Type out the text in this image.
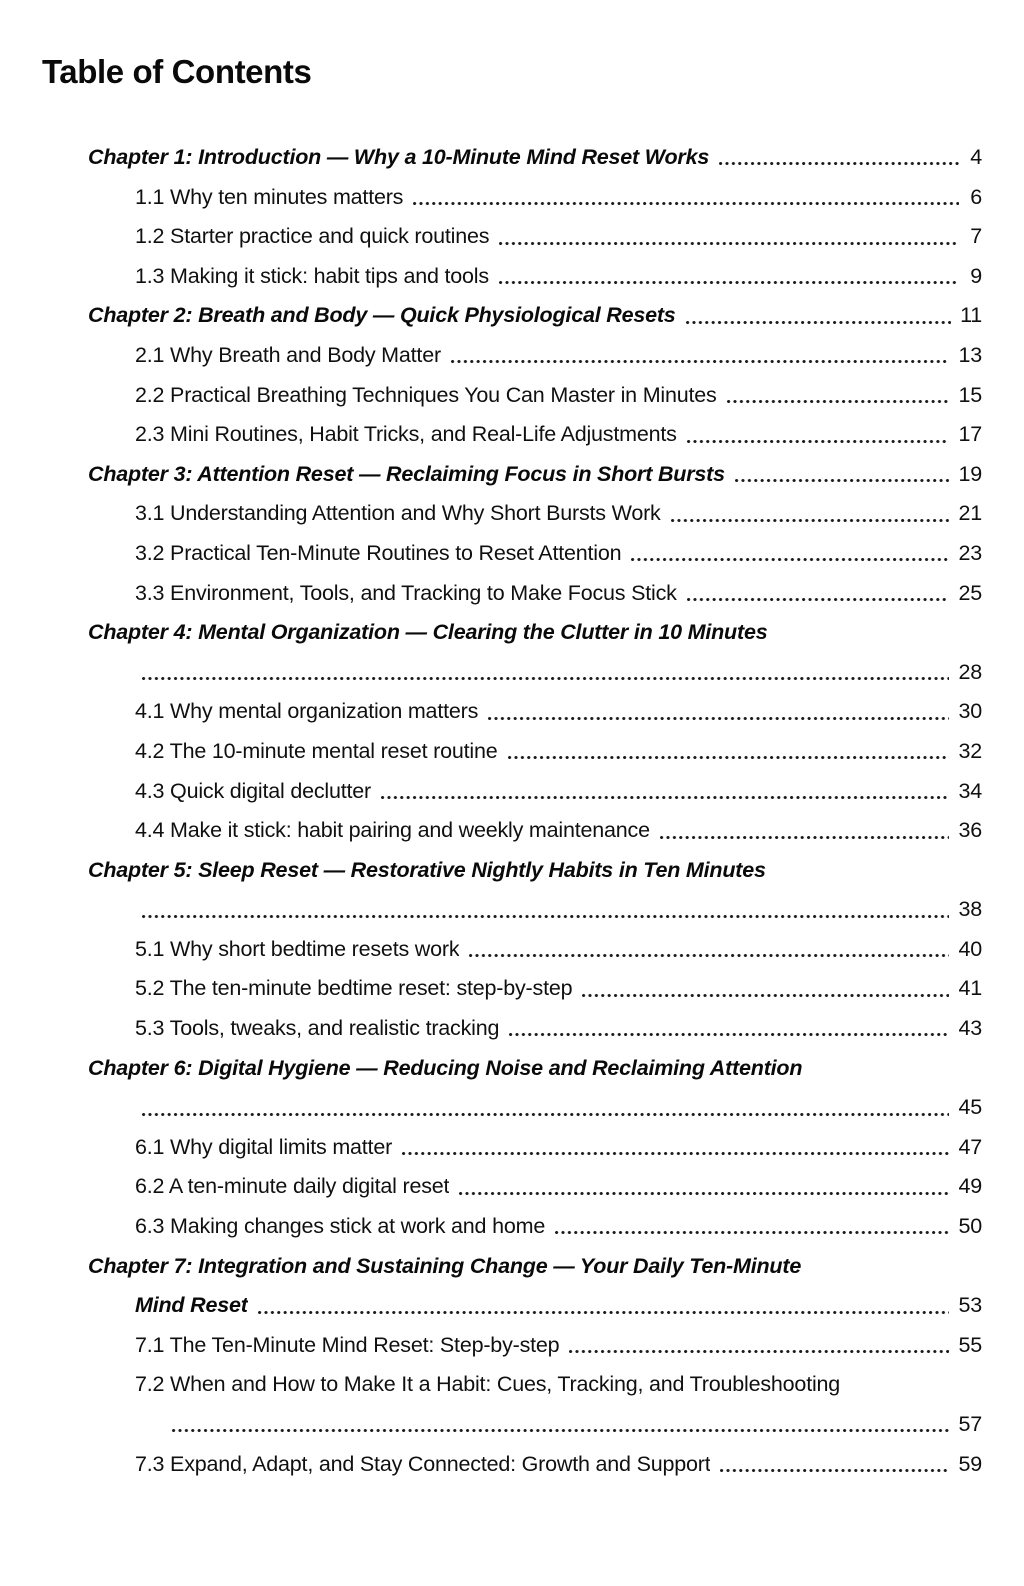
Table of Contents
Chapter 1: Introduction — Why a 10-Minute Mind Reset Works	4
1.1 Why ten minutes matters	6
1.2 Starter practice and quick routines	7
1.3 Making it stick: habit tips and tools	9
Chapter 2: Breath and Body — Quick Physiological Resets	11
2.1 Why Breath and Body Matter	13
2.2 Practical Breathing Techniques You Can Master in Minutes	15
2.3 Mini Routines, Habit Tricks, and Real-Life Adjustments	17
Chapter 3: Attention Reset — Reclaiming Focus in Short Bursts	19
3.1 Understanding Attention and Why Short Bursts Work	21
3.2 Practical Ten-Minute Routines to Reset Attention	23
3.3 Environment, Tools, and Tracking to Make Focus Stick	25
Chapter 4: Mental Organization — Clearing the Clutter in 10 Minutes
28
4.1 Why mental organization matters	30
4.2 The 10-minute mental reset routine	32
4.3 Quick digital declutter	34
4.4 Make it stick: habit pairing and weekly maintenance	36
Chapter 5: Sleep Reset — Restorative Nightly Habits in Ten Minutes
38
5.1 Why short bedtime resets work	40
5.2 The ten-minute bedtime reset: step-by-step	41
5.3 Tools, tweaks, and realistic tracking	43
Chapter 6: Digital Hygiene — Reducing Noise and Reclaiming Attention
45
6.1 Why digital limits matter	47
6.2 A ten-minute daily digital reset	49
6.3 Making changes stick at work and home	50
Chapter 7: Integration and Sustaining Change — Your Daily Ten-Minute
Mind Reset	53
7.1 The Ten-Minute Mind Reset: Step-by-step	55
7.2 When and How to Make It a Habit: Cues, Tracking, and Troubleshooting
57
7.3 Expand, Adapt, and Stay Connected: Growth and Support	59
